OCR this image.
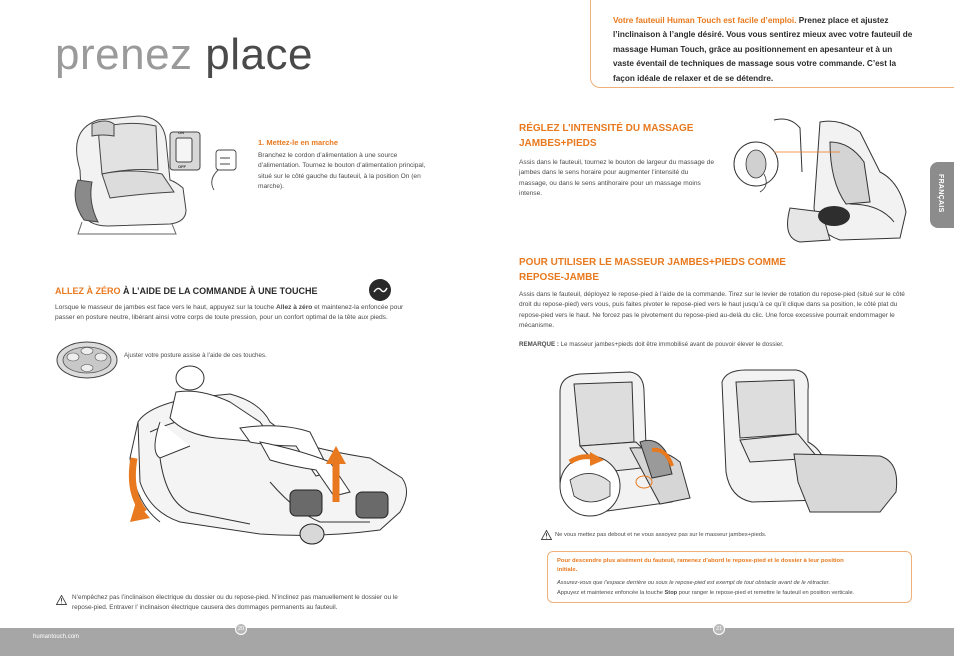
prenez place

Votre fauteuil Human Touch est facile d’emploi. Prenez place et ajustez l’inclinaison à l’angle désiré. Vous vous sentirez mieux avec votre fauteuil de massage Human Touch, grâce au positionnement en apesanteur et à un vaste éventail de techniques de massage sous votre commande. C’est la façon idéale de relaxer et de se détendre.

FRANÇAIS
ON
OFF
1. Mettez-le en marche
Branchez le cordon d’alimentation à une source d’alimentation. Tournez le bouton d’alimentation principal, situé sur le côté gauche du fauteuil, à la position On (en marche).
ALLEZ À ZÉRO À L’AIDE DE LA COMMANDE À UNE TOUCHE
Lorsque le masseur de jambes est face vers le haut, appuyez sur la touche Allez à zéro et maintenez-la enfoncée pour passer en posture neutre, libérant ainsi votre corps de toute pression, pour un confort optimal de la tête aux pieds.
Ajuster votre posture assise à l’aide de ces touches.
N’empêchez pas l’inclinaison électrique du dossier ou du repose-pied. N’inclinez pas manuellement le dossier ou le repose-pied. Entraver l’ inclinaison électrique causera des dommages permanents au fauteuil.
RÉGLEZ L’INTENSITÉ DU MASSAGE
JAMBES+PIEDS
Assis dans le fauteuil, tournez le bouton de largeur du massage de jambes dans le sens horaire pour augmenter l’intensité du massage, ou dans le sens antihoraire pour un massage moins intense.
POUR UTILISER LE MASSEUR JAMBES+PIEDS COMME
REPOSE-JAMBE
Assis dans le fauteuil, déployez le repose-pied à l’aide de la commande. Tirez sur le levier de rotation du repose-pied (situé sur le côté droit du repose-pied) vers vous, puis faites pivoter le repose-pied vers le haut jusqu’à ce qu’il clique dans sa position, le côté plat du repose-pied vers le haut. Ne forcez pas le pivotement du repose-pied au-delà du clic. Une force excessive pourrait endommager le mécanisme.
REMARQUE : Le masseur jambes+pieds doit être immobilisé avant de pouvoir élever le dossier.
Ne vous mettez pas debout et ne vous assoyez pas sur le masseur jambes+pieds.
Pour descendre plus aisément du fauteuil, ramenez d’abord le repose-pied et le dossier à leur position initiale.
Assurez-vous que l’espace derrière ou sous le repose-pied est exempt de tout obstacle avant de le rétracter.
Appuyez et maintenez enfoncée la touche Stop pour ranger le repose-pied et remettre le fauteuil en position verticale.
humantouch.com
20	21
